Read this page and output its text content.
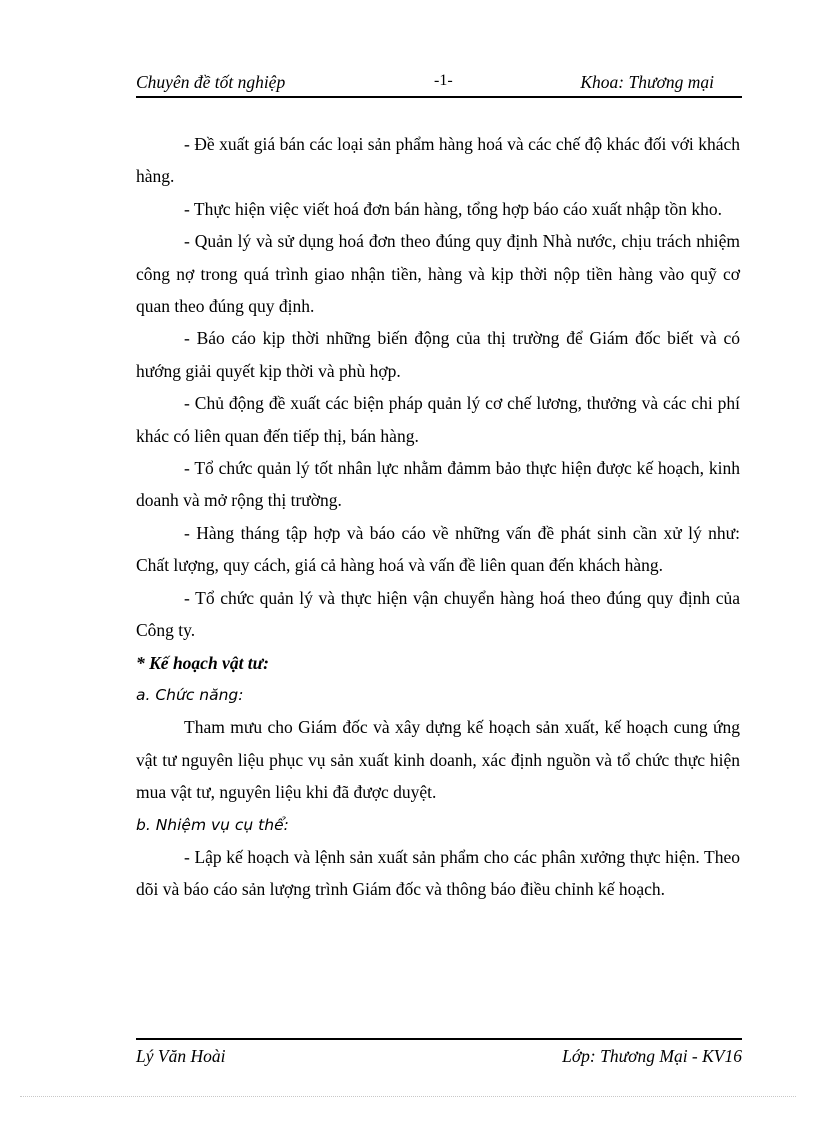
Chuyên đề tốt nghiệp	-1-	Khoa: Thương mại

- Đề xuất giá bán các loại sản phẩm hàng hoá và các chế độ khác đối với khách hàng.

- Thực hiện việc viết hoá đơn bán hàng, tổng hợp báo cáo xuất nhập tồn kho.

- Quản lý và sử dụng hoá đơn theo đúng quy định Nhà nước, chịu trách nhiệm công nợ trong quá trình giao nhận tiền, hàng và kịp thời nộp tiền hàng vào quỹ cơ quan theo đúng quy định.

- Báo cáo kịp thời những biến động của thị trường để Giám đốc biết và có hướng giải quyết kịp thời và phù hợp.

- Chủ động đề xuất các biện pháp quản lý cơ chế lương, thưởng và các chi phí khác có liên quan đến tiếp thị, bán hàng.

- Tổ chức quản lý tốt nhân lực nhằm đảmm bảo thực hiện được kế hoạch, kinh doanh và mở rộng thị trường.

- Hàng tháng tập hợp và báo cáo về những vấn đề phát sinh cần xử lý như: Chất lượng, quy cách, giá cả hàng hoá và vấn đề liên quan đến khách hàng.

- Tổ chức quản lý và thực hiện vận chuyển hàng hoá theo đúng quy định của Công ty.

* Kế hoạch vật tư:

a. Chức năng:

Tham mưu cho Giám đốc và xây dựng kế hoạch sản xuất, kế hoạch cung ứng vật tư nguyên liệu phục vụ sản xuất kinh doanh, xác định nguồn và tổ chức thực hiện mua vật tư, nguyên liệu khi đã được duyệt.

b. Nhiệm vụ cụ thể:

- Lập kế hoạch và lệnh sản xuất sản phẩm cho các phân xưởng thực hiện. Theo dõi và báo cáo sản lượng trình Giám đốc và thông báo điều chỉnh kế hoạch.

Lý Văn Hoài	Lớp: Thương Mại - KV16
